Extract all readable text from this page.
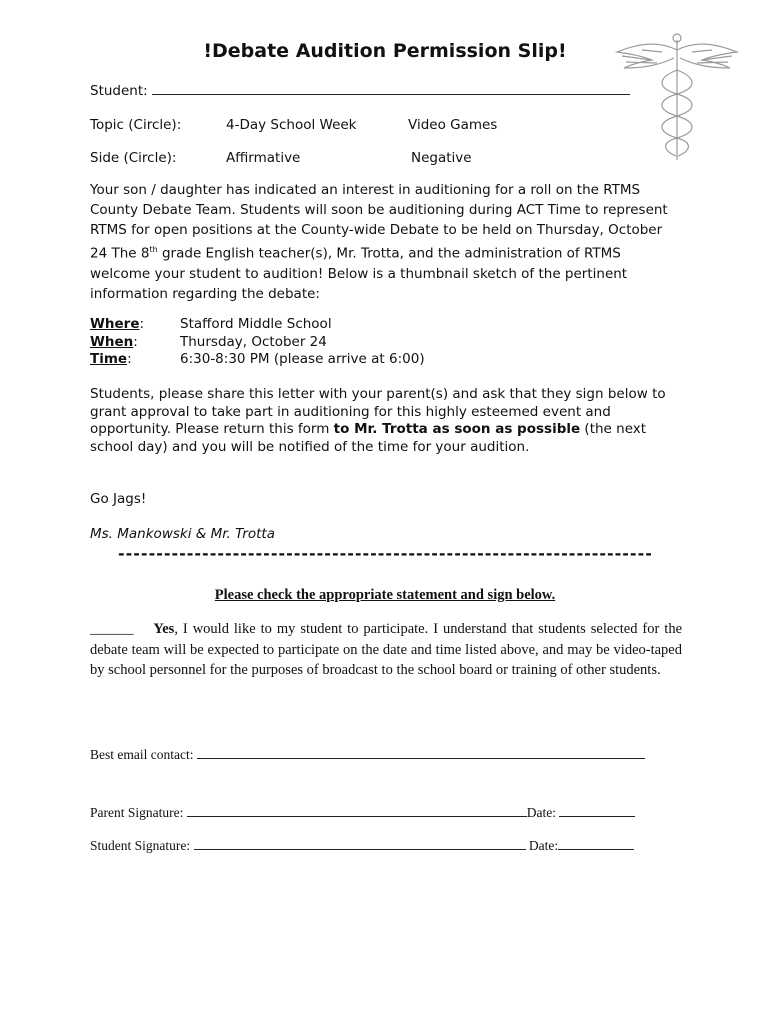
!Debate Audition Permission Slip!
Student:
Topic (Circle):	4-Day School Week	Video Games
Side (Circle):	Affirmative	Negative

Your son / daughter has indicated an interest in auditioning for a roll on the RTMS County Debate Team. Students will soon be auditioning during ACT Time to represent RTMS for open positions at the County-wide Debate to be held on Thursday, October 24 The 8th grade English teacher(s), Mr. Trotta, and the administration of RTMS welcome your student to audition! Below is a thumbnail sketch of the pertinent information regarding the debate:

Where:	Stafford Middle School
When:	Thursday, October 24
Time:	6:30-8:30 PM (please arrive at 6:00)

Students, please share this letter with your parent(s) and ask that they sign below to grant approval to take part in auditioning for this highly esteemed event and opportunity. Please return this form to Mr. Trotta as soon as possible (the next school day) and you will be notified of the time for your audition.

Go Jags!
Ms. Mankowski & Mr. Trotta
----------------------------------------------------------------------
Please check the appropriate statement and sign below.

______ Yes, I would like to my student to participate. I understand that students selected for the debate team will be expected to participate on the date and time listed above, and may be video-taped by school personnel for the purposes of broadcast to the school board or training of other students.

Best email contact:
Parent Signature:	Date:
Student Signature:	Date:
